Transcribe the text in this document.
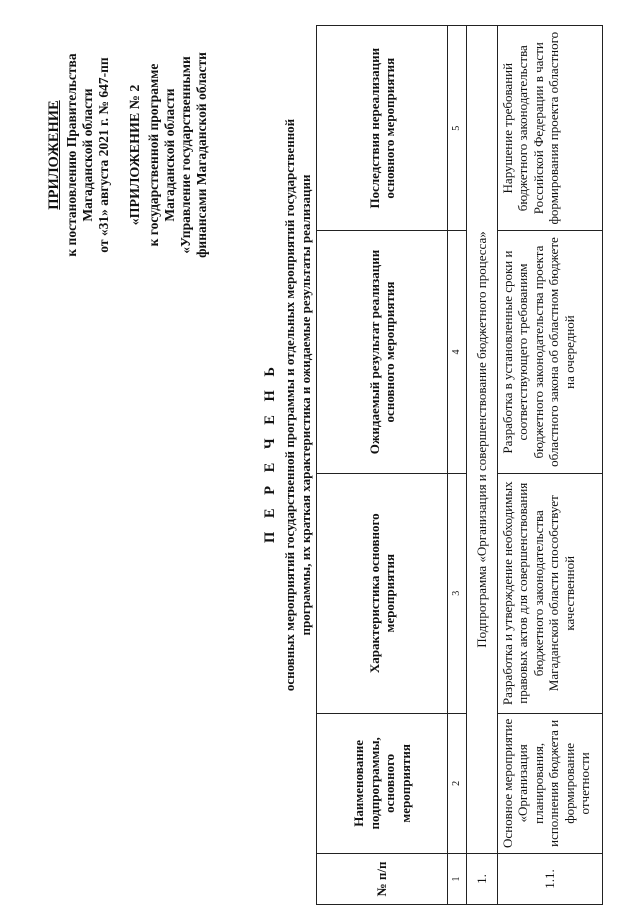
ПРИЛОЖЕНИЕ к постановлению Правительства Магаданской области от «31» августа 2021 г. № 647-пп «ПРИЛОЖЕНИЕ № 2 к государственной программе Магаданской области «Управление государственными финансами Магаданской области
П Е Р Е Ч Е Н Ь основных мероприятий государственной программы и отдельных мероприятий государственной программы, их краткая характеристика и ожидаемые результаты реализации
№ п/п	Наименование подпрограммы, основного мероприятия	Характеристика основного мероприятия	Ожидаемый результат реализации основного мероприятия	Последствия нереализации основного мероприятия
1	2	3	4	5
1.	Подпрограмма «Организация и совершенствование бюджетного процесса»			
1.1.	Основное мероприятие «Организация планирования, исполнения бюджета и формирование отчетности	Разработка и утверждение необходимых правовых актов для совершенствования бюджетного законодательства Магаданской области способствует качественной	Разработка в установленные сроки и соответствующего требованиям бюджетного законодательства проекта областного закона об областном бюджете на очередной	Нарушение требований бюджетного законодательства Российской Федерации в части формирования проекта областного
